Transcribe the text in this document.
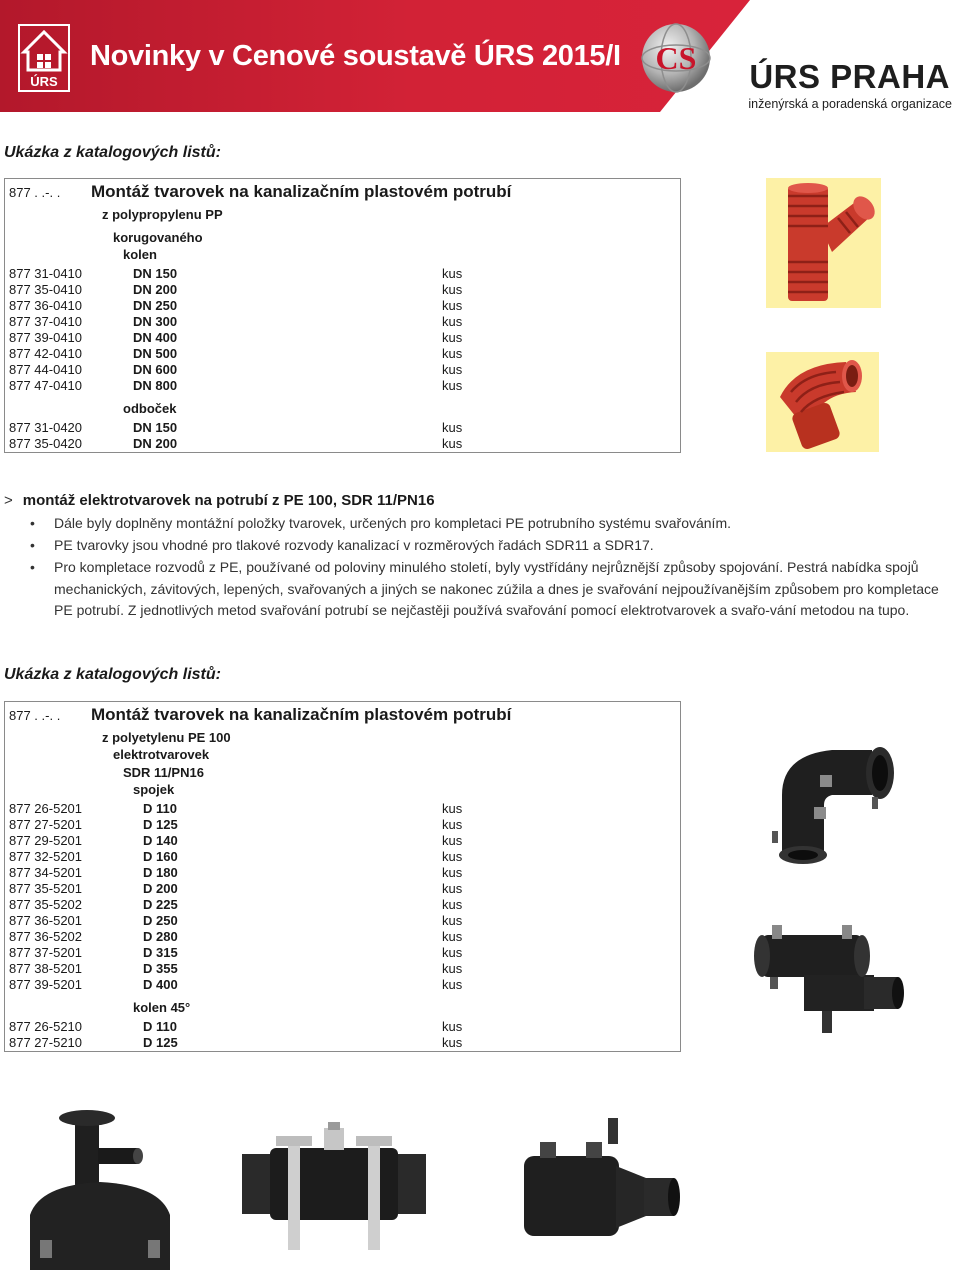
ÚRS
Novinky v Cenové soustavě ÚRS 2015/I CS ÚRS PRAHA
inženýrská a poradenská organizace
Ukázka z katalogových listů:
877 . .-. . Montáž tvarovek na kanalizačním plastovém potrubí
z polypropylenu PP
korugovaného
kolen
877 31-0410	DN 150	kus
877 35-0410	DN 200	kus
877 36-0410	DN 250	kus
877 37-0410	DN 300	kus
877 39-0410	DN 400	kus
877 42-0410	DN 500	kus
877 44-0410	DN 600	kus
877 47-0410	DN 800	kus
odboček
877 31-0420	DN 150	kus
877 35-0420	DN 200	kus
> montáž elektrotvarovek na potrubí z PE 100, SDR 11/PN16
• Dále byly doplněny montážní položky tvarovek, určených pro kompletaci PE potrubního systému svařováním.
• PE tvarovky jsou vhodné pro tlakové rozvody kanalizací v rozměrových řadách SDR11 a SDR17.
• Pro kompletace rozvodů z PE, používané od poloviny minulého století, byly vystřídány nejrůznější způsoby spojování. Pestrá nabídka spojů mechanických, závitových, lepených, svařovaných a jiných se nakonec zúžila a dnes je svařování nejpoužívanějším způsobem pro kompletace PE potrubí. Z jednotlivých metod svařování potrubí se nejčastěji používá svařování pomocí elektrotvarovek a svařo-vání metodou na tupo.
Ukázka z katalogových listů:
877 . .-. . Montáž tvarovek na kanalizačním plastovém potrubí
z polyetylenu PE 100
elektrotvarovek
SDR 11/PN16
spojek
877 26-5201	D 110	kus
877 27-5201	D 125	kus
877 29-5201	D 140	kus
877 32-5201	D 160	kus
877 34-5201	D 180	kus
877 35-5201	D 200	kus
877 35-5202	D 225	kus
877 36-5201	D 250	kus
877 36-5202	D 280	kus
877 37-5201	D 315	kus
877 38-5201	D 355	kus
877 39-5201	D 400	kus
kolen 45°
877 26-5210	D 110	kus
877 27-5210	D 125	kus
